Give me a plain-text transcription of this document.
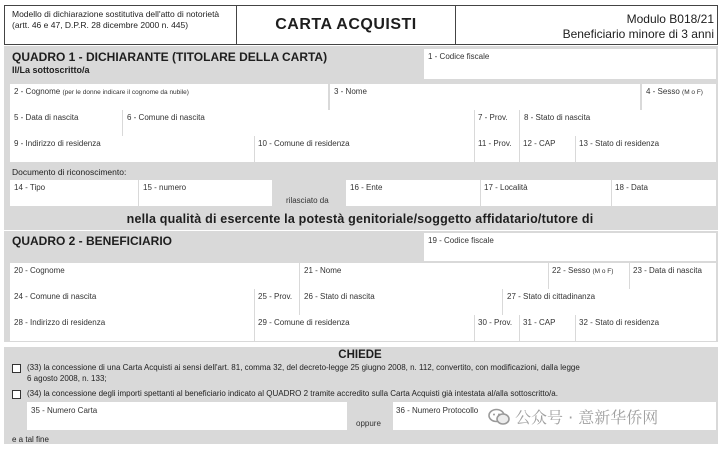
Modello di dichiarazione sostitutiva dell'atto di notorietà (artt. 46 e 47, D.P.R. 28 dicembre 2000 n. 445)	CARTA ACQUISTI	Modulo B018/21
Beneficiario minore di 3 anni
QUADRO 1 - DICHIARANTE (TITOLARE DELLA CARTA)
Il/La sottoscritto/a
1 - Codice fiscale
2 - Cognome (per le donne indicare il cognome da nubile)	3 - Nome	4 - Sesso (M o F)
5 - Data di nascita	6 - Comune di nascita	7 - Prov. 8 - Stato di nascita
9 - Indirizzo di residenza	10 - Comune di residenza	11 - Prov. 12 - CAP	13 - Stato di residenza
Documento di riconoscimento:
14 - Tipo	15 - numero
rilasciato da
16 - Ente	17 - Località	18 - Data
nella qualità di esercente la potestà genitoriale/soggetto affidatario/tutore di
QUADRO 2 - BENEFICIARIO	19 - Codice fiscale
20 - Cognome	21 - Nome	22 - Sesso (M o F) 23 - Data di nascita
24 - Comune di nascita	25 - Prov. 26 - Stato di nascita	27 - Stato di cittadinanza
28 - Indirizzo di residenza	29 - Comune di residenza	30 - Prov. 31 - CAP	32 - Stato di residenza
CHIEDE
(33) la concessione di una Carta Acquisti ai sensi dell'art. 81, comma 32, del decreto-legge 25 giugno 2008, n. 112, convertito, con modificazioni, dalla legge
6 agosto 2008, n. 133;
(34) la concessione degli importi spettanti al beneficiario indicato al QUADRO 2 tramite accredito sulla Carta Acquisti già intestata al/alla sottoscritto/a.
35 - Numero Carta
oppure
36 - Numero Protocollo
e a tal fine
公众号 · 意新华侨网
